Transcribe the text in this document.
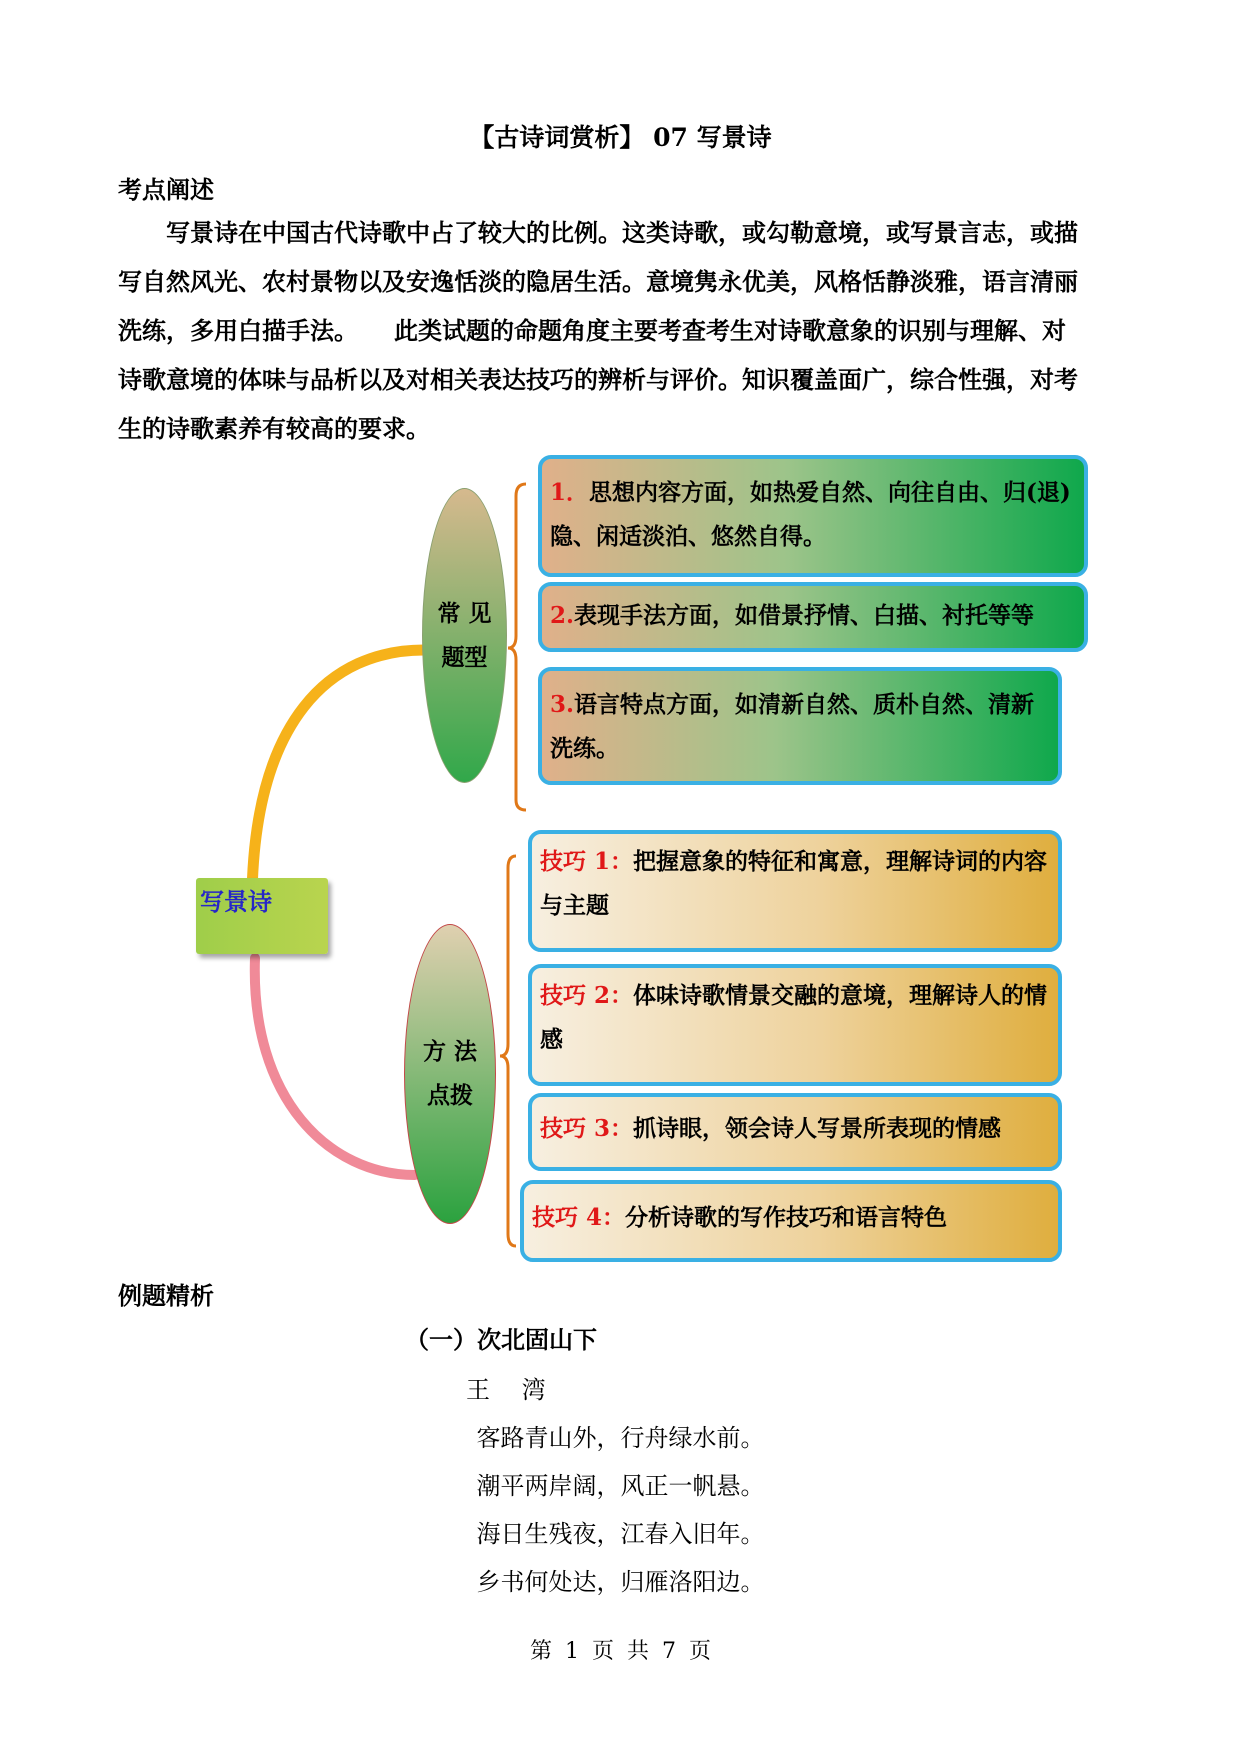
【古诗词赏析】 07 写景诗
考点阐述
写景诗在中国古代诗歌中占了较大的比例。这类诗歌，或勾勒意境，或写景言志，或描
写自然风光、农村景物以及安逸恬淡的隐居生活。意境隽永优美，风格恬静淡雅，语言清丽
洗练，多用白描手法。　　此类试题的命题角度主要考查考生对诗歌意象的识别与理解、对
诗歌意境的体味与品析以及对相关表达技巧的辨析与评价。知识覆盖面广，综合性强，对考
生的诗歌素养有较高的要求。
写景诗
常 见
题型
方 法
点拨
1．思想内容方面，如热爱自然、向往自由、归(退)隐、闲适淡泊、悠然自得。
2.表现手法方面，如借景抒情、白描、衬托等等
3.语言特点方面，如清新自然、质朴自然、清新洗练。
技巧 1：把握意象的特征和寓意，理解诗词的内容与主题
技巧 2：体味诗歌情景交融的意境，理解诗人的情感
技巧 3：抓诗眼，领会诗人写景所表现的情感
技巧 4：分析诗歌的写作技巧和语言特色
例题精析
（一）次北固山下
王 湾
客路青山外，行舟绿水前。
潮平两岸阔，风正一帆悬。
海日生残夜，江春入旧年。
乡书何处达，归雁洛阳边。
第 1 页 共 7 页
